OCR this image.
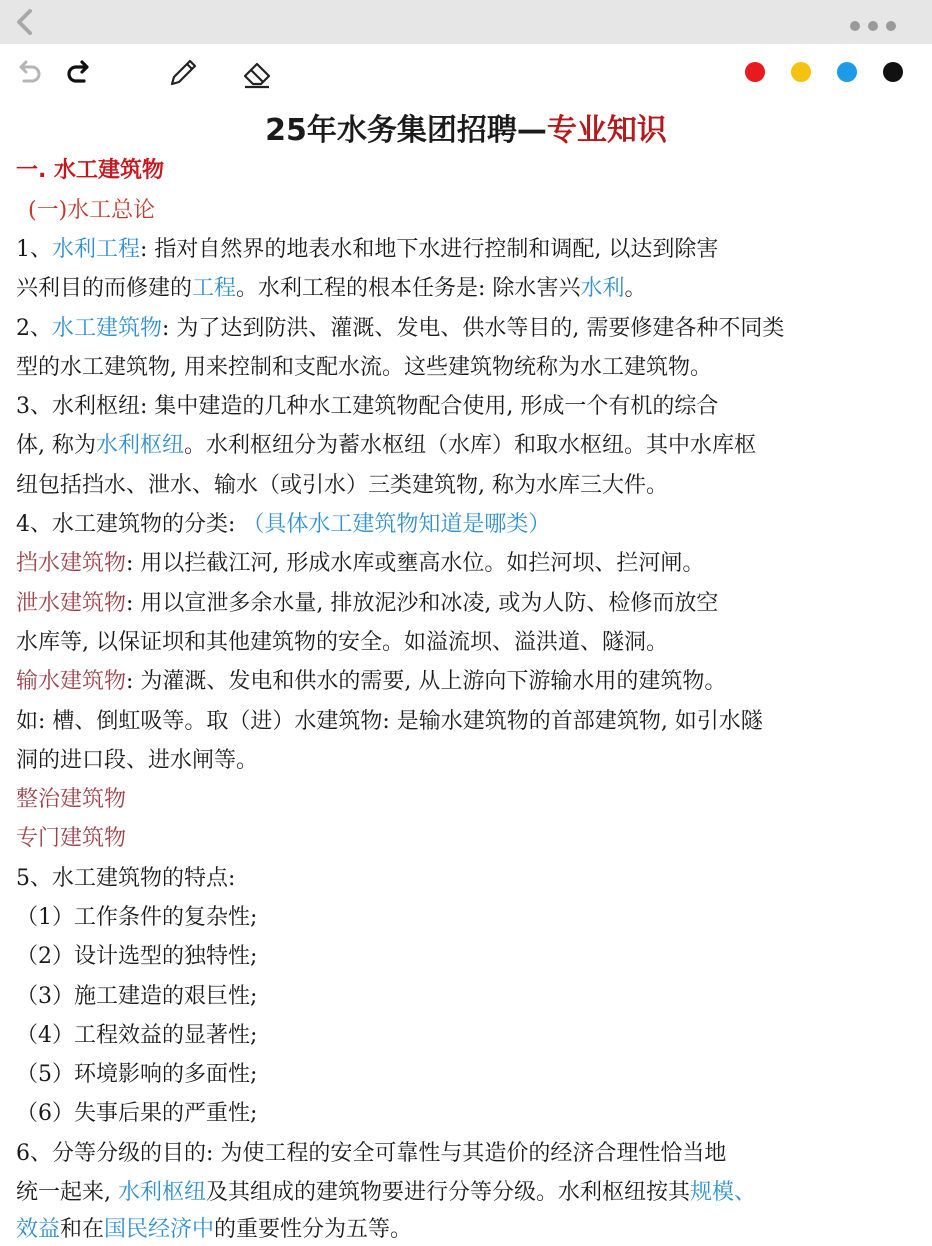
25年水务集团招聘—专业知识
一. 水工建筑物
(一)水工总论
1、水利工程: 指对自然界的地表水和地下水进行控制和调配, 以达到除害
兴利目的而修建的工程。水利工程的根本任务是: 除水害兴水利。
2、水工建筑物: 为了达到防洪、灌溉、发电、供水等目的, 需要修建各种不同类
型的水工建筑物, 用来控制和支配水流。这些建筑物统称为水工建筑物。
3、水利枢纽: 集中建造的几种水工建筑物配合使用, 形成一个有机的综合
体, 称为水利枢纽。水利枢纽分为蓄水枢纽（水库）和取水枢纽。其中水库枢
纽包括挡水、泄水、输水（或引水）三类建筑物, 称为水库三大件。
4、水工建筑物的分类: （具体水工建筑物知道是哪类）
挡水建筑物: 用以拦截江河, 形成水库或壅高水位。如拦河坝、拦河闸。
泄水建筑物: 用以宣泄多余水量, 排放泥沙和冰凌, 或为人防、检修而放空
水库等, 以保证坝和其他建筑物的安全。如溢流坝、溢洪道、隧洞。
输水建筑物: 为灌溉、发电和供水的需要, 从上游向下游输水用的建筑物。
如: 槽、倒虹吸等。取（进）水建筑物: 是输水建筑物的首部建筑物, 如引水隧
洞的进口段、进水闸等。
整治建筑物
专门建筑物
5、水工建筑物的特点:
（1）工作条件的复杂性;
（2）设计选型的独特性;
（3）施工建造的艰巨性;
（4）工程效益的显著性;
（5）环境影响的多面性;
（6）失事后果的严重性;
6、分等分级的目的: 为使工程的安全可靠性与其造价的经济合理性恰当地
统一起来, 水利枢纽及其组成的建筑物要进行分等分级。水利枢纽按其规模、
效益和在国民经济中的重要性分为五等。
